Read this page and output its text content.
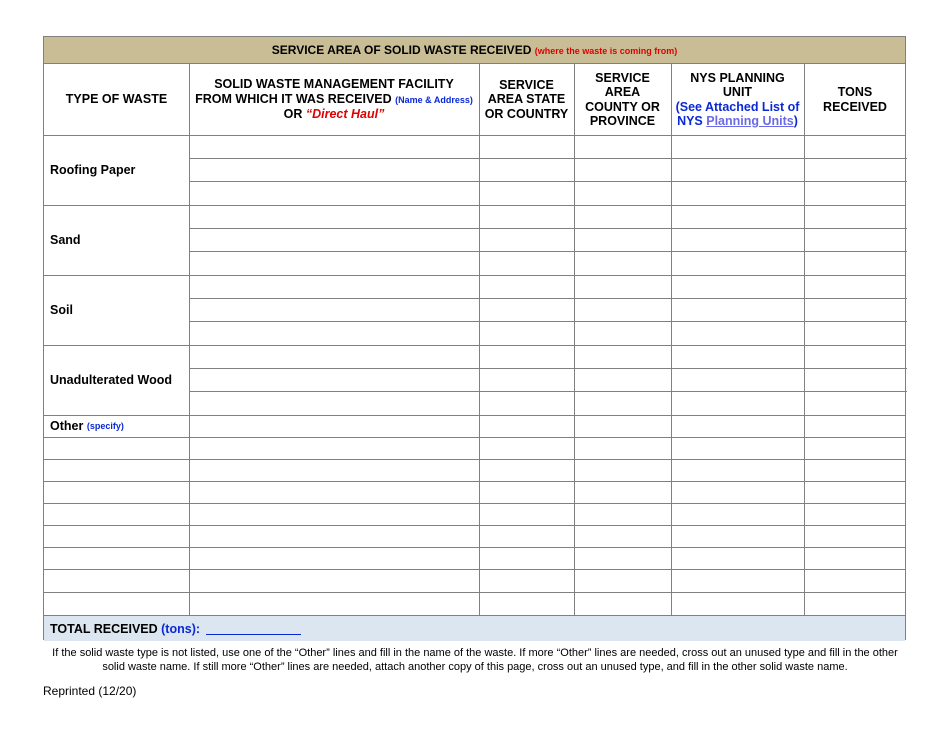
SERVICE AREA OF SOLID WASTE RECEIVED (where the waste is coming from)
TYPE OF WASTE
SOLID WASTE MANAGEMENT FACILITY FROM WHICH IT WAS RECEIVED (Name & Address)
OR “Direct Haul”
SERVICE AREA STATE OR COUNTRY
SERVICE AREA COUNTY OR PROVINCE
NYS PLANNING UNIT
(See Attached List of NYS Planning Units)
TONS RECEIVED
Roofing Paper
Sand
Soil
Unadulterated Wood
Other
(specify)
TOTAL RECEIVED
(tons):
If the solid waste type is not listed, use one of the “Other” lines and fill in the name of the waste. If more “Other” lines are needed, cross out an unused type and fill in the other solid waste name. If still more “Other” lines are needed, attach another copy of this page, cross out an unused type, and fill in the other solid waste name.
Reprinted (12/20)
